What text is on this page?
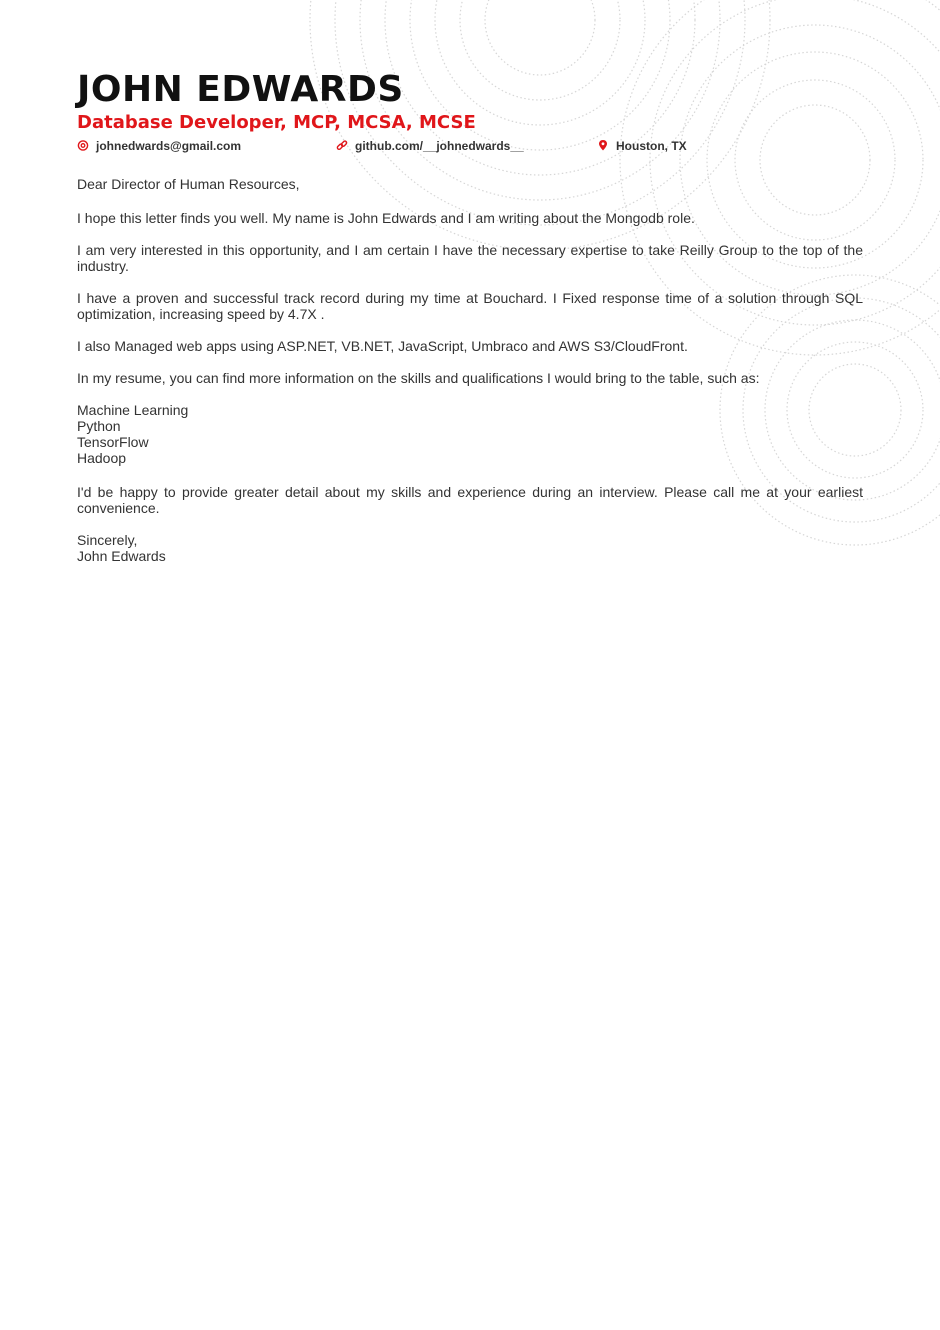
JOHN EDWARDS
Database Developer, MCP, MCSA, MCSE
johnedwards@gmail.com	github.com/__johnedwards__	Houston, TX

Dear Director of Human Resources,

I hope this letter finds you well. My name is John Edwards and I am writing about the Mongodb role.

I am very interested in this opportunity, and I am certain I have the necessary expertise to take Reilly Group to the top of the industry.

I have a proven and successful track record during my time at Bouchard. I Fixed response time of a solution through SQL optimization, increasing speed by 4.7X .

I also Managed web apps using ASP.NET, VB.NET, JavaScript, Umbraco and AWS S3/CloudFront.

In my resume, you can find more information on the skills and qualifications I would bring to the table, such as:

Machine Learning
Python
TensorFlow
Hadoop

I'd be happy to provide greater detail about my skills and experience during an interview. Please call me at your earliest convenience.

Sincerely,

John Edwards
